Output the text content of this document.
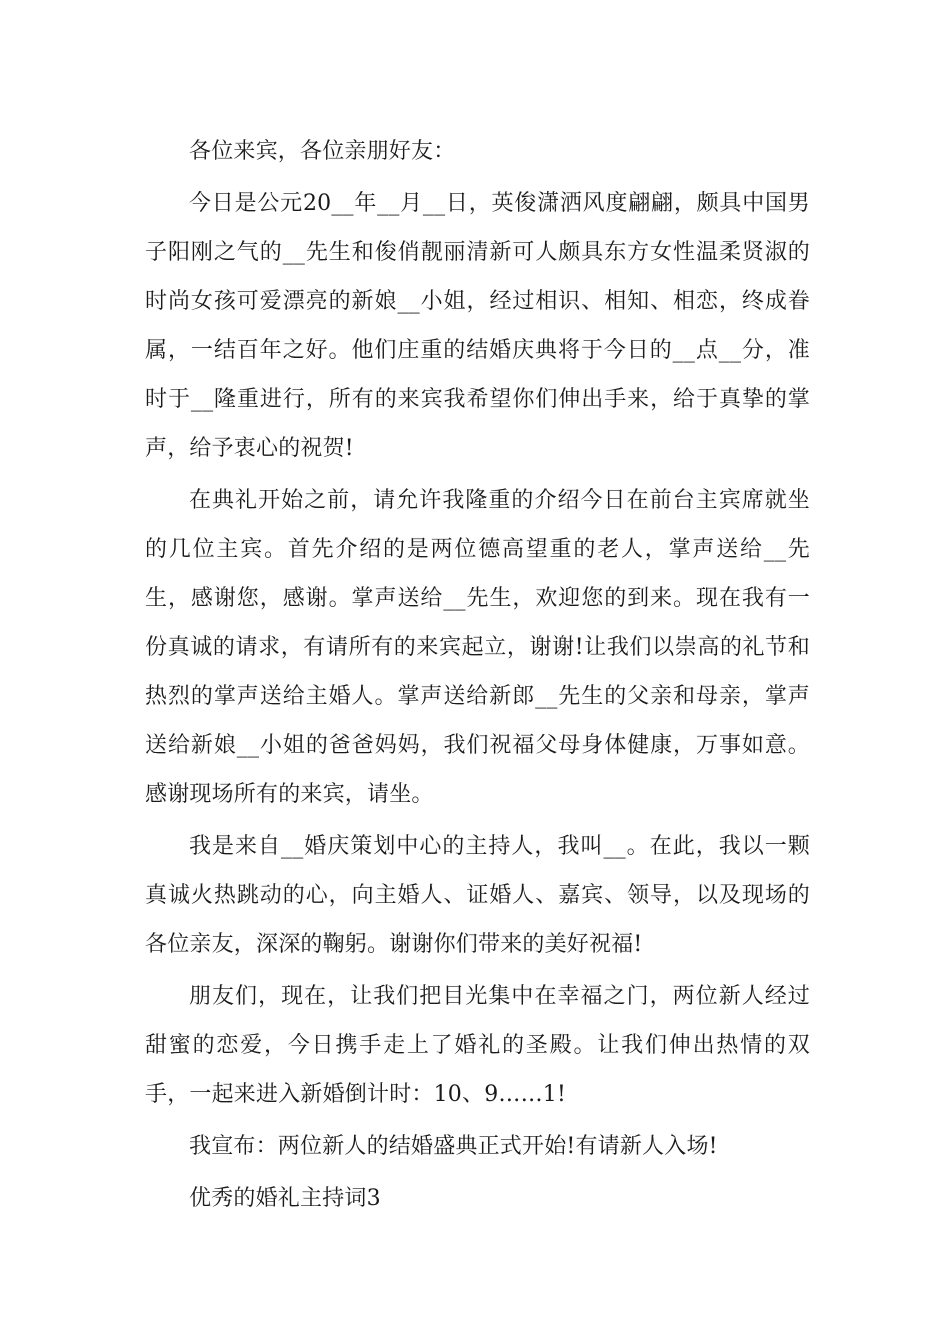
各位来宾，各位亲朋好友：

今日是公元20__年__月__日，英俊潇洒风度翩翩，颇具中国男子阳刚之气的__先生和俊俏靓丽清新可人颇具东方女性温柔贤淑的时尚女孩可爱漂亮的新娘__小姐，经过相识、相知、相恋，终成眷属，一结百年之好。他们庄重的结婚庆典将于今日的__点__分，准时于__隆重进行，所有的来宾我希望你们伸出手来，给于真挚的掌声，给予衷心的祝贺!

在典礼开始之前，请允许我隆重的介绍今日在前台主宾席就坐的几位主宾。首先介绍的是两位德高望重的老人，掌声送给__先生，感谢您，感谢。掌声送给__先生，欢迎您的到来。现在我有一份真诚的请求，有请所有的来宾起立，谢谢!让我们以崇高的礼节和热烈的掌声送给主婚人。掌声送给新郎__先生的父亲和母亲，掌声送给新娘__小姐的爸爸妈妈，我们祝福父母身体健康，万事如意。感谢现场所有的来宾，请坐。

我是来自__婚庆策划中心的主持人，我叫__。在此，我以一颗真诚火热跳动的心，向主婚人、证婚人、嘉宾、领导，以及现场的各位亲友，深深的鞠躬。谢谢你们带来的美好祝福!

朋友们，现在，让我们把目光集中在幸福之门，两位新人经过甜蜜的恋爱，今日携手走上了婚礼的圣殿。让我们伸出热情的双手，一起来进入新婚倒计时：10、9……1!

我宣布：两位新人的结婚盛典正式开始!有请新人入场!

优秀的婚礼主持词3
